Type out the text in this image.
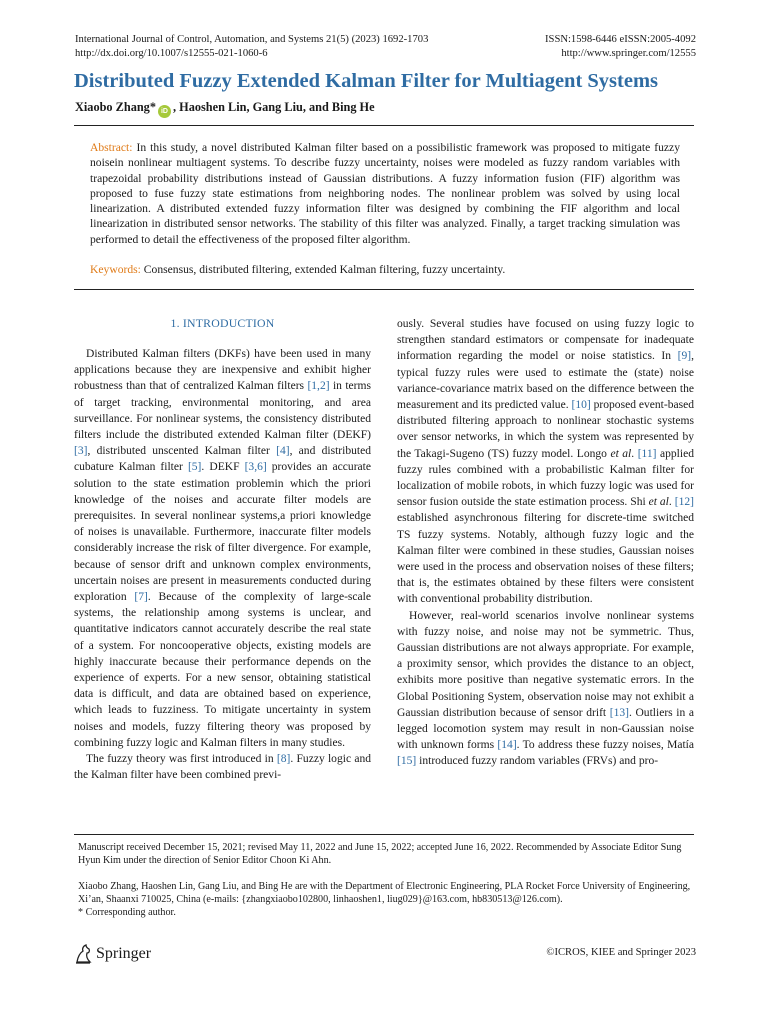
International Journal of Control, Automation, and Systems 21(5) (2023) 1692-1703
http://dx.doi.org/10.1007/s12555-021-1060-6
ISSN:1598-6446 eISSN:2005-4092
http://www.springer.com/12555
Distributed Fuzzy Extended Kalman Filter for Multiagent Systems
Xiaobo Zhang* iD , Haoshen Lin, Gang Liu, and Bing He
Abstract: In this study, a novel distributed Kalman filter based on a possibilistic framework was proposed to mitigate fuzzy noisein nonlinear multiagent systems. To describe fuzzy uncertainty, noises were modeled as fuzzy random variables with trapezoidal probability distributions instead of Gaussian distributions. A fuzzy information fusion (FIF) algorithm was proposed to fuse fuzzy state estimations from neighboring nodes. The nonlinear problem was solved by using local linearization. A distributed extended fuzzy information filter was designed by combining the FIF algorithm and local linearization in distributed sensor networks. The stability of this filter was analyzed. Finally, a target tracking simulation was performed to detail the effectiveness of the proposed filter algorithm.
Keywords: Consensus, distributed filtering, extended Kalman filtering, fuzzy uncertainty.
1. INTRODUCTION

Distributed Kalman filters (DKFs) have been used in many applications because they are inexpensive and exhibit higher robustness than that of centralized Kalman filters [1,2] in terms of target tracking, environmental monitoring, and area surveillance. For nonlinear systems, the consistency distributed filters include the distributed extended Kalman filter (DEKF) [3], distributed unscented Kalman filter [4], and distributed cubature Kalman filter [5]. DEKF [3,6] provides an accurate solution to the state estimation problemin which the priori knowledge of the noises and accurate filter models are prerequisites. In several nonlinear systems,a priori knowledge of noises is unavailable. Furthermore, inaccurate filter models considerably increase the risk of filter divergence. For example, because of sensor drift and unknown complex environments, uncertain noises are present in measurements conducted during exploration [7]. Because of the complexity of large-scale systems, the relationship among systems is unclear, and quantitative indicators cannot accurately describe the real state of a system. For noncooperative objects, existing models are highly inaccurate because their performance depends on the experience of experts. For a new sensor, obtaining statistical data is difficult, and data are obtained based on experience, which leads to fuzziness. To mitigate uncertainty in system noises and models, fuzzy filtering theory was proposed by combining fuzzy logic and Kalman filters in many studies.

The fuzzy theory was first introduced in [8]. Fuzzy logic and the Kalman filter have been combined previ-

ously. Several studies have focused on using fuzzy logic to strengthen standard estimators or compensate for inadequate information regarding the model or noise statistics. In [9], typical fuzzy rules were used to estimate the (state) noise variance-covariance matrix based on the difference between the measurement and its predicted value. [10] proposed event-based distributed filtering approach to nonlinear stochastic systems over sensor networks, in which the system was represented by the Takagi-Sugeno (TS) fuzzy model. Longo et al. [11] applied fuzzy rules combined with a probabilistic Kalman filter for localization of mobile robots, in which fuzzy logic was used for sensor fusion outside the state estimation process. Shi et al. [12] established asynchronous filtering for discrete-time switched TS fuzzy systems. Notably, although fuzzy logic and the Kalman filter were combined in these studies, Gaussian noises were used in the process and observation noises of these filters; that is, the estimates obtained by these filters were consistent with conventional probability distribution.

However, real-world scenarios involve nonlinear systems with fuzzy noise, and noise may not be symmetric. Thus, Gaussian distributions are not always appropriate. For example, a proximity sensor, which provides the distance to an object, exhibits more positive than negative systematic errors. In the Global Positioning System, observation noise may not exhibit a Gaussian distribution because of sensor drift [13]. Outliers in a legged locomotion system may result in non-Gaussian noise with unknown forms [14]. To address these fuzzy noises, Matía [15] introduced fuzzy random variables (FRVs) and pro-

Manuscript received December 15, 2021; revised May 11, 2022 and June 15, 2022; accepted June 16, 2022. Recommended by Associate Editor Sung Hyun Kim under the direction of Senior Editor Choon Ki Ahn.
Xiaobo Zhang, Haoshen Lin, Gang Liu, and Bing He are with the Department of Electronic Engineering, PLA Rocket Force University of Engineering, Xi’an, Shaanxi 710025, China (e-mails: {zhangxiaobo102800, linhaoshen1, liug029}@163.com, hb830513@126.com).
* Corresponding author.
Springer	©ICROS, KIEE and Springer 2023
